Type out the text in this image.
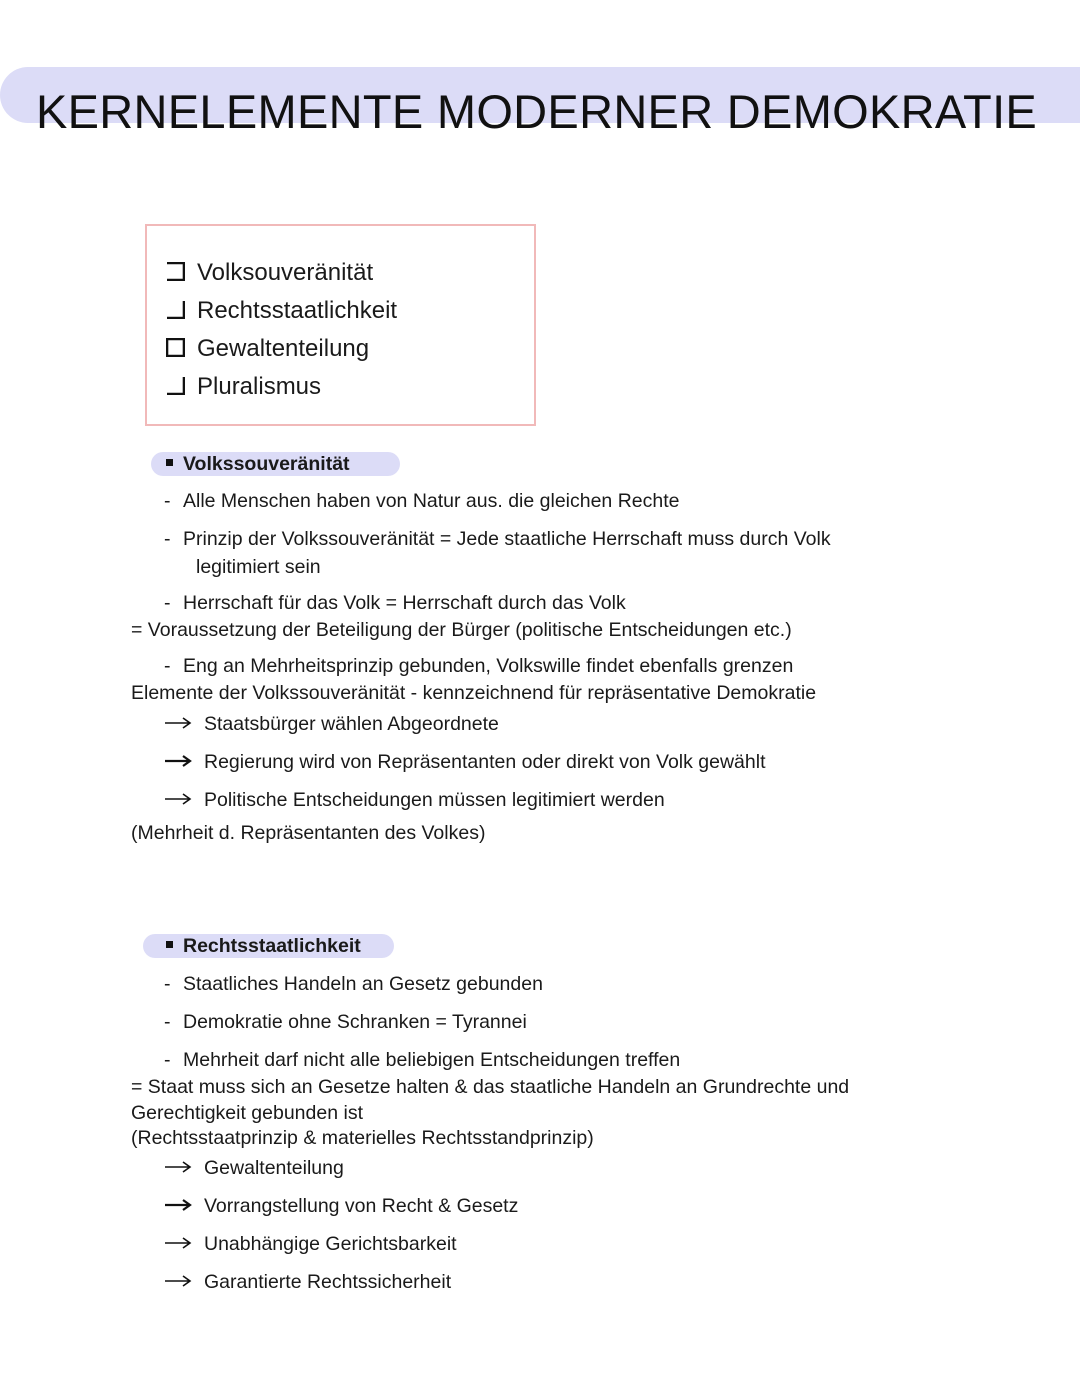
KERNELEMENTE MODERNER DEMOKRATIE
Volksouveränität
Rechtsstaatlichkeit
Gewaltenteilung
Pluralismus
Volkssouveränität
- Alle Menschen haben von Natur aus. die gleichen Rechte
- Prinzip der Volkssouveränität = Jede staatliche Herrschaft muss durch Volk
legitimiert sein
- Herrschaft für das Volk = Herrschaft durch das Volk
= Voraussetzung der Beteiligung der Bürger (politische Entscheidungen etc.)
- Eng an Mehrheitsprinzip gebunden, Volkswille findet ebenfalls grenzen
Elemente der Volkssouveränität - kennzeichnend für repräsentative Demokratie
Staatsbürger wählen Abgeordnete
Regierung wird von Repräsentanten oder direkt von Volk gewählt
Politische Entscheidungen müssen legitimiert werden
(Mehrheit d. Repräsentanten des Volkes)
Rechtsstaatlichkeit
- Staatliches Handeln an Gesetz gebunden
- Demokratie ohne Schranken = Tyrannei
- Mehrheit darf nicht alle beliebigen Entscheidungen treffen
= Staat muss sich an Gesetze halten & das staatliche Handeln an Grundrechte und
Gerechtigkeit gebunden ist
(Rechtsstaatprinzip & materielles Rechtsstandprinzip)
Gewaltenteilung
Vorrangstellung von Recht & Gesetz
Unabhängige Gerichtsbarkeit
Garantierte Rechtssicherheit
